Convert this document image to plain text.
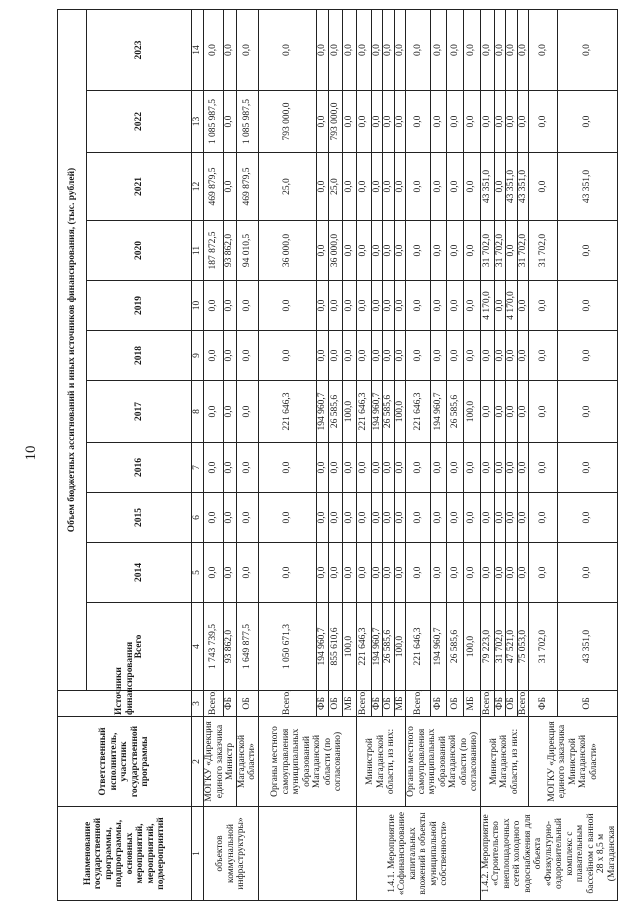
10
Наименование государственной программы, подпрограммы, основных мероприятий, мероприятий, подмероприятий	Ответственный исполнитель, участник государственной программы	Источники финансирования	Объем бюджетных ассигнований и иных источников финансирования, (тыс. рублей)										
			Всего	2014	2015	2016	2017	2018	2019	2020	2021	2022	2023
1	2	3	4	5	6	7	8	9	10	11	12	13	14
объектов коммунальной инфраструктуры»	МОГКУ «Дирекция единого заказчика Министр	Всего,	1 743 739,5	0,0	0,0	0,0	0,0	0,0	0,0	187 872,5	469 879,5	1 085 987,5	0,0
		ФБ	93 862,0	0,0	0,0	0,0	0,0	0,0	0,0	93 862,0	0,0	0,0	0,0
	Магаданской области»	ОБ	1 649 877,5	0,0	0,0	0,0	0,0	0,0	0,0	94 010,5	469 879,5	1 085 987,5	0,0
	Органы местного самоуправления муниципальных образований Магаданской области (по согласованию)	Всего,	1 050 671,3	0,0	0,0	0,0	221 646,3	0,0	0,0	36 000,0	25,0	793 000,0	0,0
		ФБ	194 960,7	0,0	0,0	0,0	194 960,7	0,0	0,0	0,0	0,0	0,0	0,0
		ОБ	855 610,6	0,0	0,0	0,0	26 585,6	0,0	0,0	36 000,0	25,0	793 000,0	0,0
		МБ	100,0	0,0	0,0	0,0	100,0	0,0	0,0	0,0	0,0	0,0	0,0
1.4.1. Мероприятие «Софинансирование капитальных вложений в объекты муниципальной собственности»	Министрой Магаданской области, из них:	Всего,	221 646,3	0,0	0,0	0,0	221 646,3	0,0	0,0	0,0	0,0	0,0	0,0
		ФБ	194 960,7	0,0	0,0	0,0	194 960,7	0,0	0,0	0,0	0,0	0,0	0,0
		ОБ	26 585,6	0,0	0,0	0,0	26 585,6	0,0	0,0	0,0	0,0	0,0	0,0
		МБ	100,0	0,0	0,0	0,0	100,0	0,0	0,0	0,0	0,0	0,0	0,0
	Органы местного самоуправления муниципальных образований Магаданской области (по согласованию)	Всего,	221 646,3	0,0	0,0	0,0	221 646,3	0,0	0,0	0,0	0,0	0,0	0,0
		ФБ	194 960,7	0,0	0,0	0,0	194 960,7	0,0	0,0	0,0	0,0	0,0	0,0
		ОБ	26 585,6	0,0	0,0	0,0	26 585,6	0,0	0,0	0,0	0,0	0,0	0,0
		МБ	100,0	0,0	0,0	0,0	100,0	0,0	0,0	0,0	0,0	0,0	0,0
1.4.2. Мероприятие «Строительство внеплощадочных сетей холодного водоснабжения для объекта «Физкультурно-оздоровительный комплекс с плавательным бассейном с ванной 28 х 8,5 м (Магаданская	Министрой Магаданской области, из них:	Всего,	79 223,0	0,0	0,0	0,0	0,0	0,0	4 170,0	31 702,0	43 351,0	0,0	0,0
		ФБ	31 702,0	0,0	0,0	0,0	0,0	0,0	0,0	31 702,0	0,0	0,0	0,0
		ОБ	47 521,0	0,0	0,0	0,0	0,0	0,0	4 170,0	0,0	43 351,0	0,0	0,0
		Всего,	75 053,0	0,0	0,0	0,0	0,0	0,0	0,0	31 702,0	43 351,0	0,0	0,0
	МОГКУ «Дирекция единого заказчика Министрой Магаданской области»	ФБ	31 702,0	0,0	0,0	0,0	0,0	0,0	0,0	31 702,0	0,0	0,0	0,0
		ОБ	43 351,0	0,0	0,0	0,0	0,0	0,0	0,0	0,0	43 351,0	0,0	0,0
